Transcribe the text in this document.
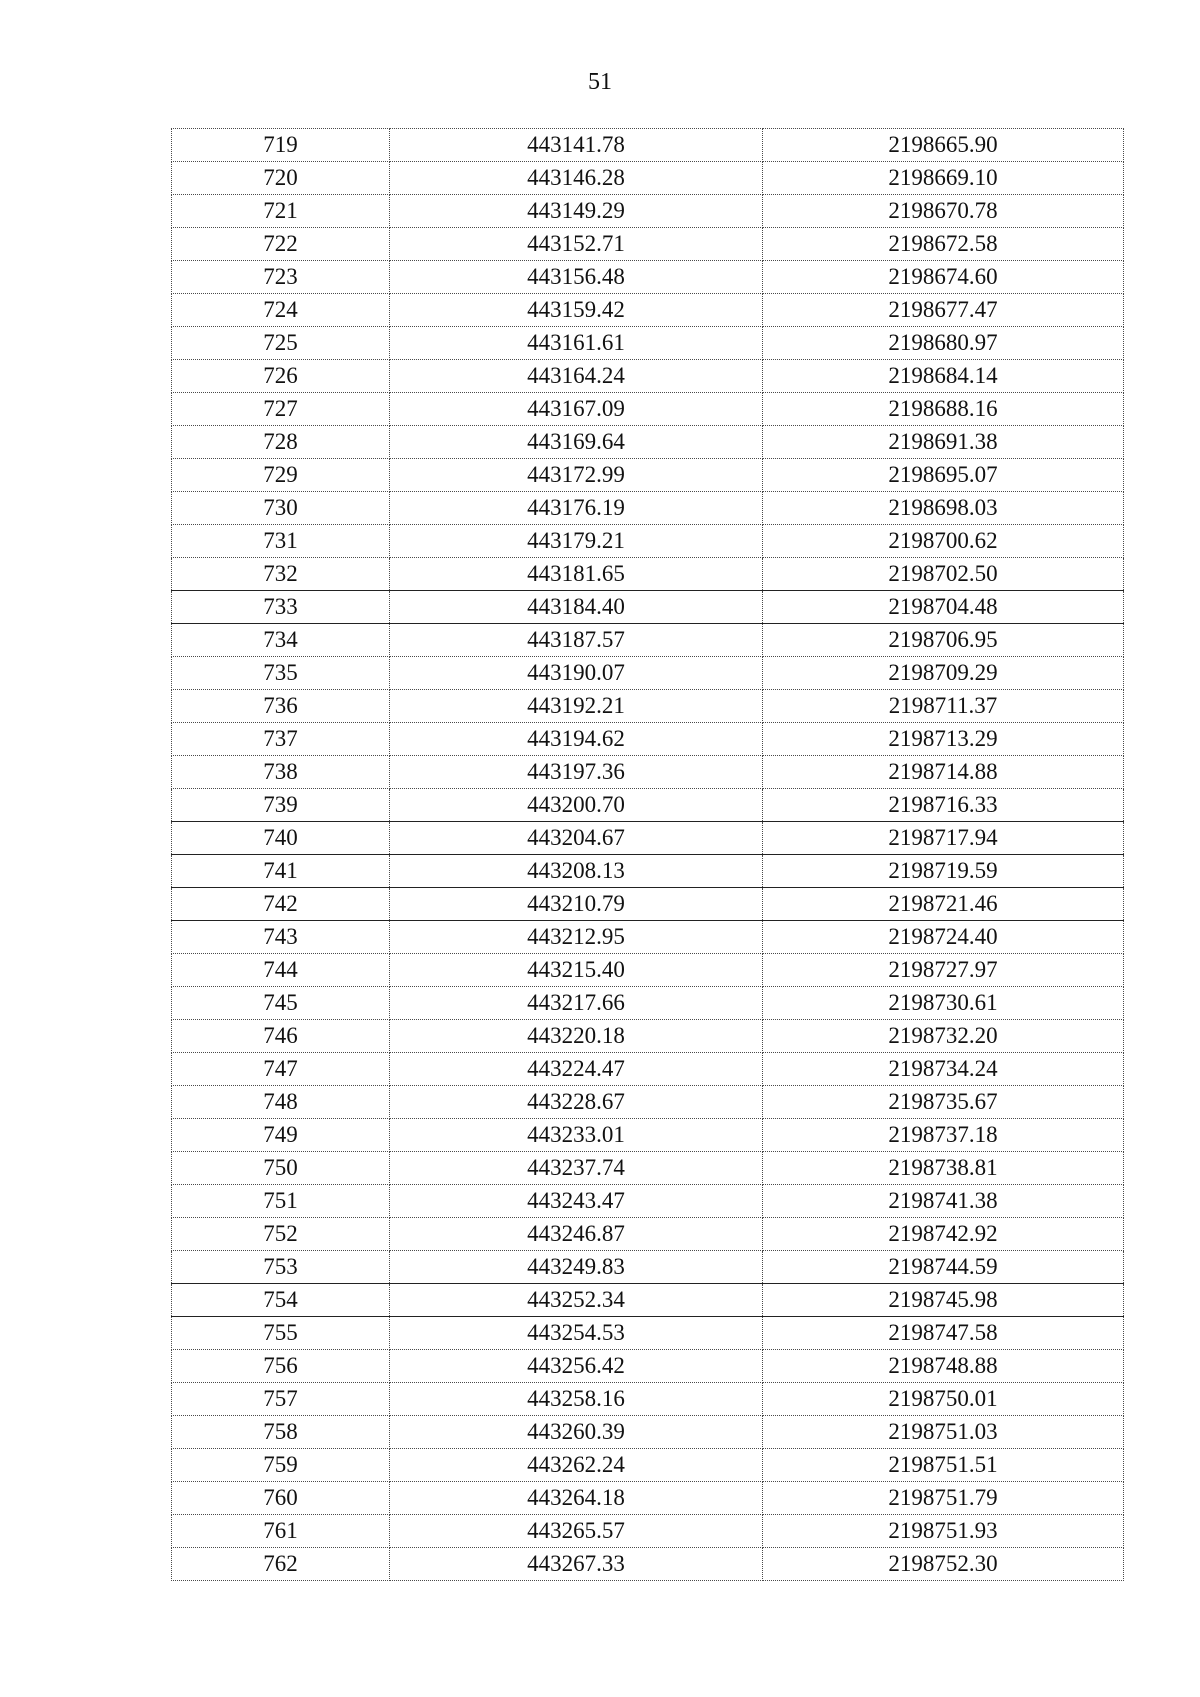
51
719	443141.78	2198665.90
720	443146.28	2198669.10
721	443149.29	2198670.78
722	443152.71	2198672.58
723	443156.48	2198674.60
724	443159.42	2198677.47
725	443161.61	2198680.97
726	443164.24	2198684.14
727	443167.09	2198688.16
728	443169.64	2198691.38
729	443172.99	2198695.07
730	443176.19	2198698.03
731	443179.21	2198700.62
732	443181.65	2198702.50
733	443184.40	2198704.48
734	443187.57	2198706.95
735	443190.07	2198709.29
736	443192.21	2198711.37
737	443194.62	2198713.29
738	443197.36	2198714.88
739	443200.70	2198716.33
740	443204.67	2198717.94
741	443208.13	2198719.59
742	443210.79	2198721.46
743	443212.95	2198724.40
744	443215.40	2198727.97
745	443217.66	2198730.61
746	443220.18	2198732.20
747	443224.47	2198734.24
748	443228.67	2198735.67
749	443233.01	2198737.18
750	443237.74	2198738.81
751	443243.47	2198741.38
752	443246.87	2198742.92
753	443249.83	2198744.59
754	443252.34	2198745.98
755	443254.53	2198747.58
756	443256.42	2198748.88
757	443258.16	2198750.01
758	443260.39	2198751.03
759	443262.24	2198751.51
760	443264.18	2198751.79
761	443265.57	2198751.93
762	443267.33	2198752.30
